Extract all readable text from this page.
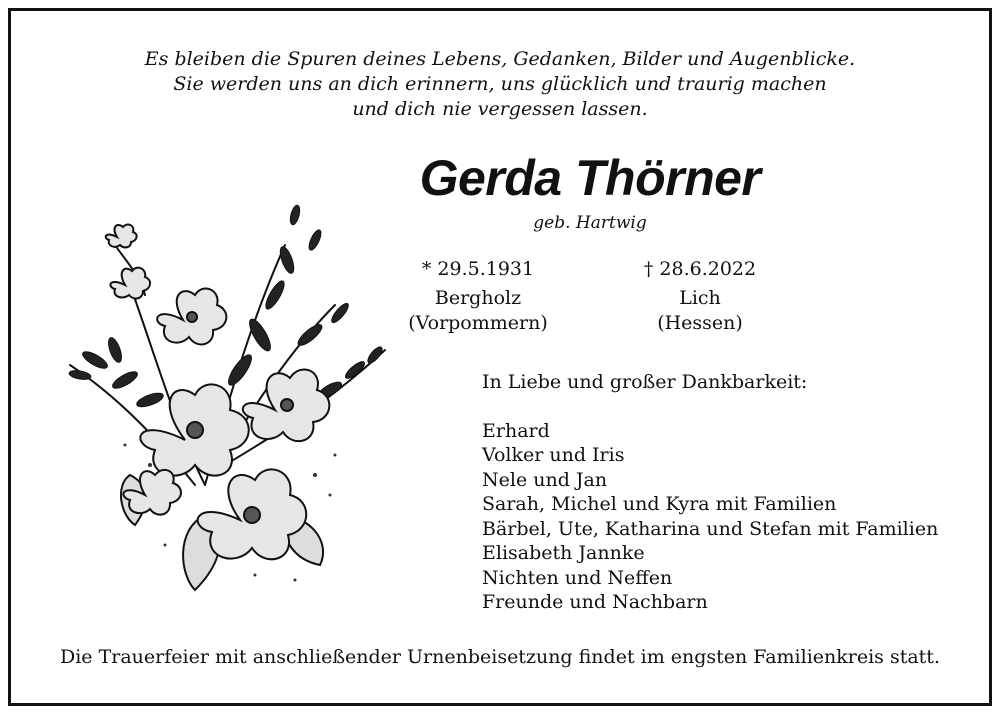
Es bleiben die Spuren deines Lebens, Gedanken, Bilder und Augenblicke.
Sie werden uns an dich erinnern, uns glücklich und traurig machen
und dich nie vergessen lassen.
Gerda Thörner
geb. Hartwig
* 29.5.1931
Bergholz
(Vorpommern)
† 28.6.2022
Lich
(Hessen)
In Liebe und großer Dankbarkeit:
Erhard
Volker und Iris
Nele und Jan
Sarah, Michel und Kyra mit Familien
Bärbel, Ute, Katharina und Stefan mit Familien
Elisabeth Jannke
Nichten und Neffen
Freunde und Nachbarn
Die Trauerfeier mit anschließender Urnenbeisetzung findet im engsten Familienkreis statt.
